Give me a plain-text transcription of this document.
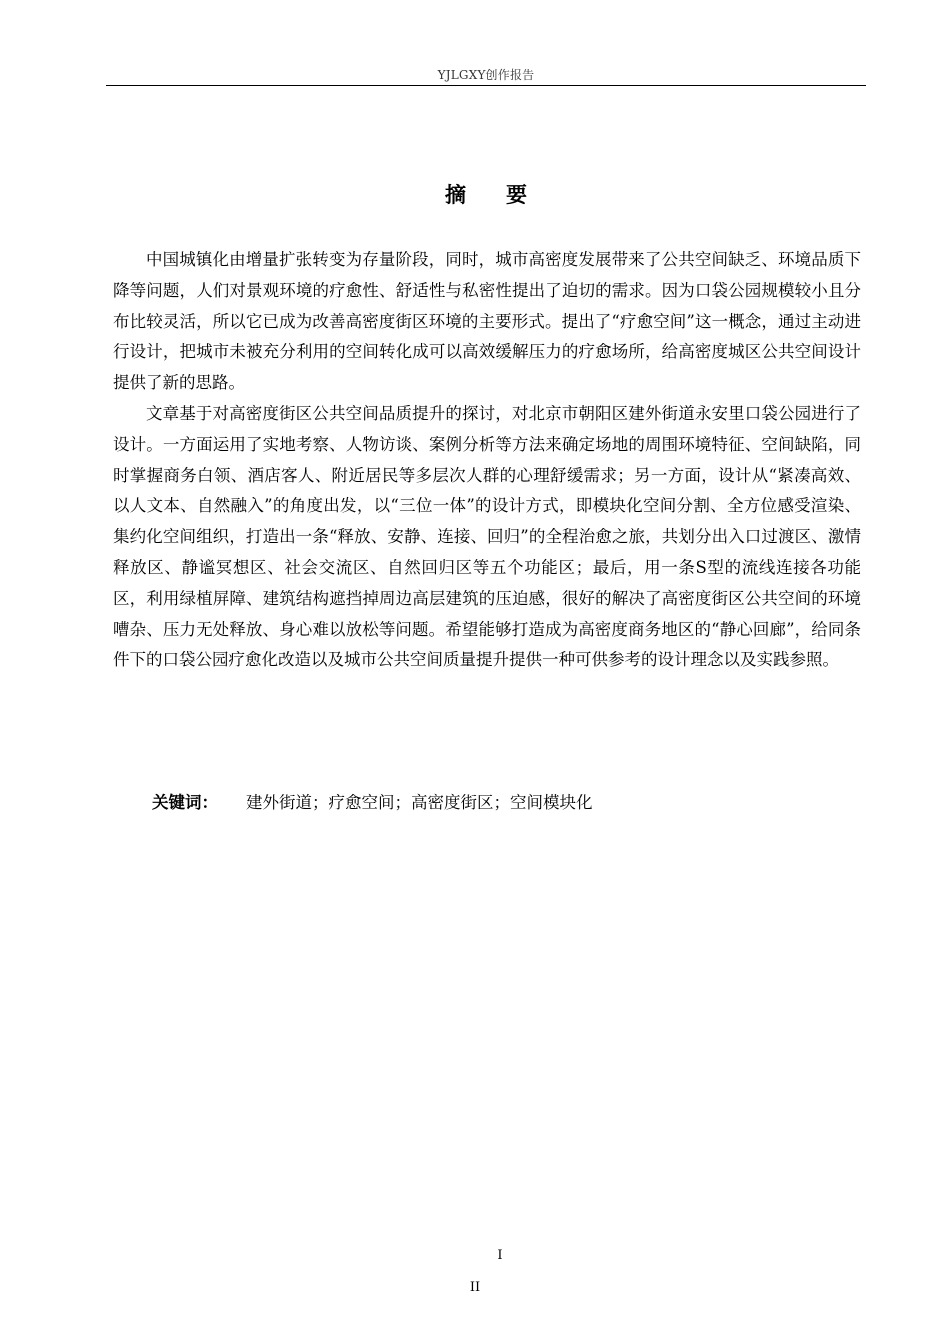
YJLGXY创作报告
摘要

中国城镇化由增量扩张转变为存量阶段，同时，城市高密度发展带来了公共空间缺乏、环境品质下降等问题，人们对景观环境的疗愈性、舒适性与私密性提出了迫切的需求。因为口袋公园规模较小且分布比较灵活，所以它已成为改善高密度街区环境的主要形式。提出了“疗愈空间”这一概念，通过主动进行设计，把城市未被充分利用的空间转化成可以高效缓解压力的疗愈场所，给高密度城区公共空间设计提供了新的思路。

文章基于对高密度街区公共空间品质提升的探讨，对北京市朝阳区建外街道永安里口袋公园进行了设计。一方面运用了实地考察、人物访谈、案例分析等方法来确定场地的周围环境特征、空间缺陷，同时掌握商务白领、酒店客人、附近居民等多层次人群的心理舒缓需求；另一方面，设计从“紧凑高效、以人文本、自然融入”的角度出发，以“三位一体”的设计方式，即模块化空间分割、全方位感受渲染、集约化空间组织，打造出一条“释放、安静、连接、回归”的全程治愈之旅，共划分出入口过渡区、激情释放区、静谧冥想区、社会交流区、自然回归区等五个功能区；最后，用一条S型的流线连接各功能区，利用绿植屏障、建筑结构遮挡掉周边高层建筑的压迫感，很好的解决了高密度街区公共空间的环境嘈杂、压力无处释放、身心难以放松等问题。希望能够打造成为高密度商务地区的“静心回廊”，给同条件下的口袋公园疗愈化改造以及城市公共空间质量提升提供一种可供参考的设计理念以及实践参照。

关键词： 建外街道；疗愈空间；高密度街区；空间模块化
I
II
